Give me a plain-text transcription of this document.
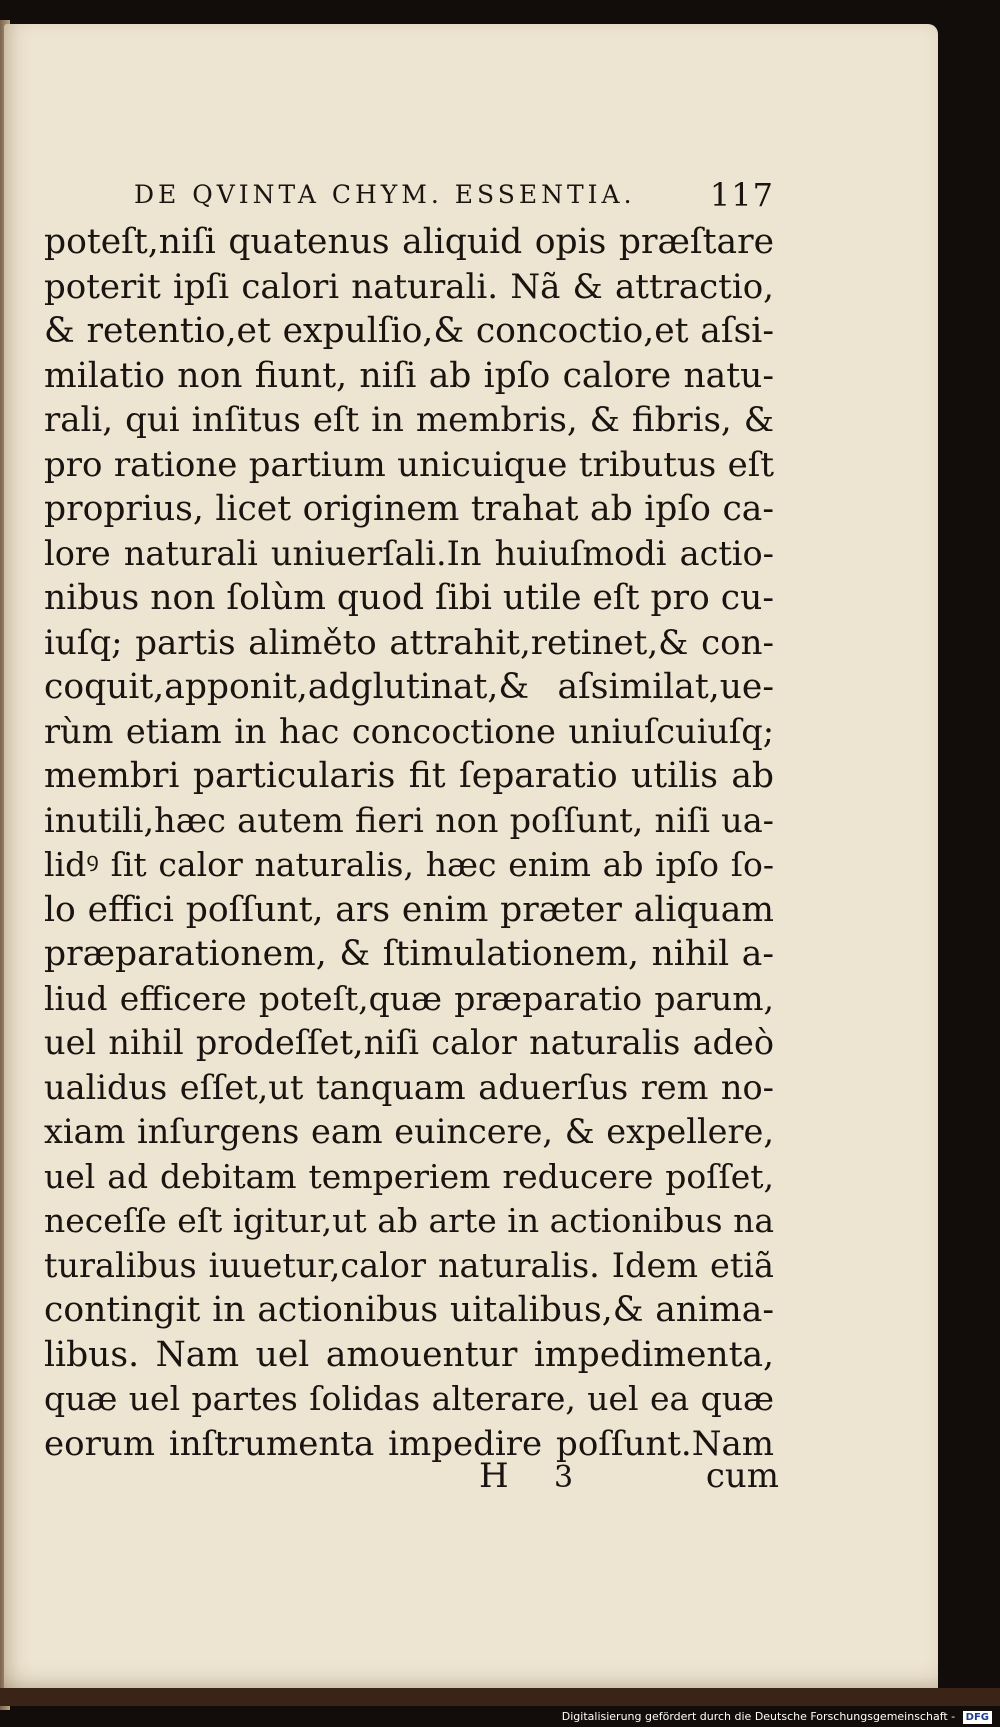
DE QVINTA CHYM. ESSENTIA. 117
poteſt,niſi quatenus aliquid opis præſtare
poterit ipſi calori naturali. Nã & attractio,
& retentio,et expulſio,& concoctio,et aſsi-
milatio non fiunt, niſi ab ipſo calore natu-
rali, qui inſitus eſt in membris, & fibris, &
pro ratione partium unicuique tributus eſt
proprius, licet originem trahat ab ipſo ca-
lore naturali uniuerſali.In huiuſmodi actio-
nibus non ſolùm quod ſibi utile eſt pro cu-
iuſq; partis aliměto attrahit,retinet,& con-
coquit,apponit,adglutinat,& aſsimilat,ue-
rùm etiam in hac concoctione uniuſcuiuſq;
membri particularis fit ſeparatio utilis ab
inutili,hæc autem fieri non poſſunt, niſi ua-
lidꝰ ſit calor naturalis, hæc enim ab ipſo ſo-
lo effici poſſunt, ars enim præter aliquam
præparationem, & ſtimulationem, nihil a-
liud efficere poteſt,quæ præparatio parum,
uel nihil prodeſſet,niſi calor naturalis adeò
ualidus eſſet,ut tanquam aduerſus rem no-
xiam inſurgens eam euincere, & expellere,
uel ad debitam temperiem reducere poſſet,
neceſſe eſt igitur,ut ab arte in actionibus na
turalibus iuuetur,calor naturalis. Idem etiã
contingit in actionibus uitalibus,& anima-
libus. Nam uel amouentur impedimenta,
quæ uel partes ſolidas alterare, uel ea quæ
eorum inſtrumenta impedire poſſunt.Nam
H 3	cum
Digitalisierung gefördert durch die Deutsche Forschungsgemeinschaft - DFG
